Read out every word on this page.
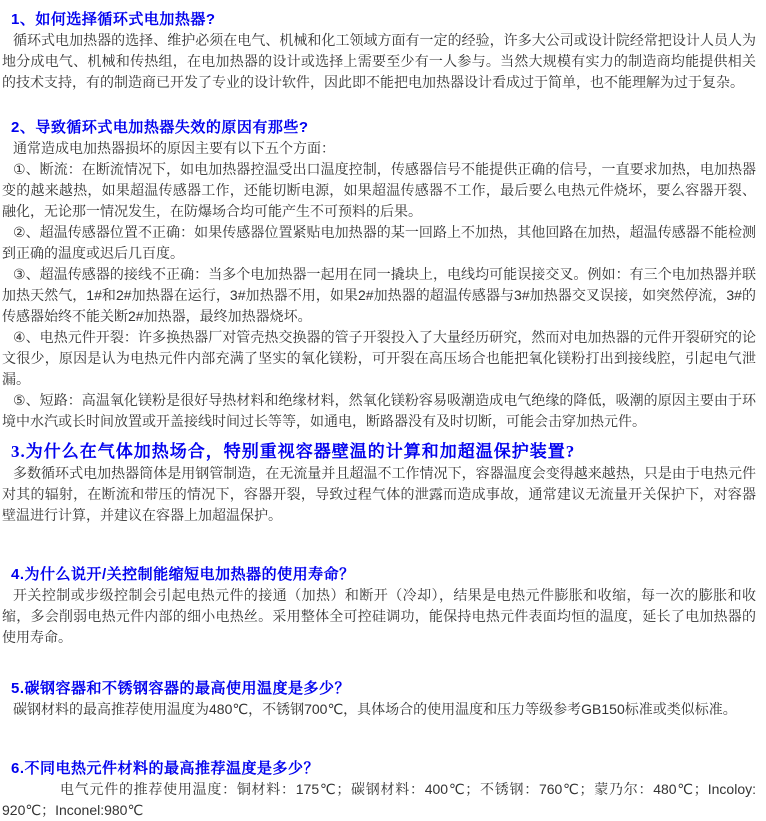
1、如何选择循环式电加热器?

循环式电加热器的选择、维护必须在电气、机械和化工领域方面有一定的经验，许多大公司或设计院经常把设计人员人为地分成电气、机械和传热组，在电加热器的设计或选择上需要至少有一人参与。当然大规模有实力的制造商均能提供相关的技术支持，有的制造商已开发了专业的设计软件，因此即不能把电加热器设计看成过于简单，也不能理解为过于复杂。

2、导致循环式电加热器失效的原因有那些?

通常造成电加热器损坏的原因主要有以下五个方面：

①、断流：在断流情况下，如电加热器控温受出口温度控制，传感器信号不能提供正确的信号，一直要求加热，电加热器变的越来越热，如果超温传感器工作，还能切断电源，如果超温传感器不工作，最后要么电热元件烧坏，要么容器开裂、融化，无论那一情况发生，在防爆场合均可能产生不可预料的后果。

②、超温传感器位置不正确：如果传感器位置紧贴电加热器的某一回路上不加热，其他回路在加热，超温传感器不能检测到正确的温度或迟后几百度。

③、超温传感器的接线不正确：当多个电加热器一起用在同一撬块上，电线均可能误接交叉。例如：有三个电加热器并联加热天然气，1#和2#加热器在运行，3#加热器不用，如果2#加热器的超温传感器与3#加热器交叉误接，如突然停流，3#的传感器始终不能关断2#加热器，最终加热器烧坏。

④、电热元件开裂：许多换热器厂对管壳热交换器的管子开裂投入了大量经历研究，然而对电加热器的元件开裂研究的论文很少，原因是认为电热元件内部充满了坚实的氧化镁粉，可开裂在高压场合也能把氧化镁粉打出到接线腔，引起电气泄漏。

⑤、短路：高温氧化镁粉是很好导热材料和绝缘材料，然氧化镁粉容易吸潮造成电气绝缘的降低，吸潮的原因主要由于环境中水汽或长时间放置或开盖接线时间过长等等，如通电，断路器没有及时切断，可能会击穿加热元件。

3.为什么在气体加热场合，特别重视容器壁温的计算和加超温保护装置?

多数循环式电加热器筒体是用钢管制造，在无流量并且超温不工作情况下，容器温度会变得越来越热，只是由于电热元件对其的辐射，在断流和带压的情况下，容器开裂，导致过程气体的泄露而造成事故，通常建议无流量开关保护下，对容器壁温进行计算，并建议在容器上加超温保护。

4.为什么说开/关控制能缩短电加热器的使用寿命？

开关控制或步级控制会引起电热元件的接通（加热）和断开（冷却），结果是电热元件膨胀和收缩，每一次的膨胀和收缩，多会削弱电热元件内部的细小电热丝。采用整体全可控硅调功，能保持电热元件表面均恒的温度，延长了电加热器的使用寿命。

5.碳钢容器和不锈钢容器的最高使用温度是多少？

碳钢材料的最高推荐使用温度为480℃，不锈钢700℃，具体场合的使用温度和压力等级参考GB150标准或类似标准。

6.不同电热元件材料的最高推荐温度是多少？

电气元件的推荐使用温度：铜材料：175℃；碳钢材料：400℃；不锈钢：760℃；蒙乃尔：480℃；Incoloy: 920℃；Inconel:980℃
